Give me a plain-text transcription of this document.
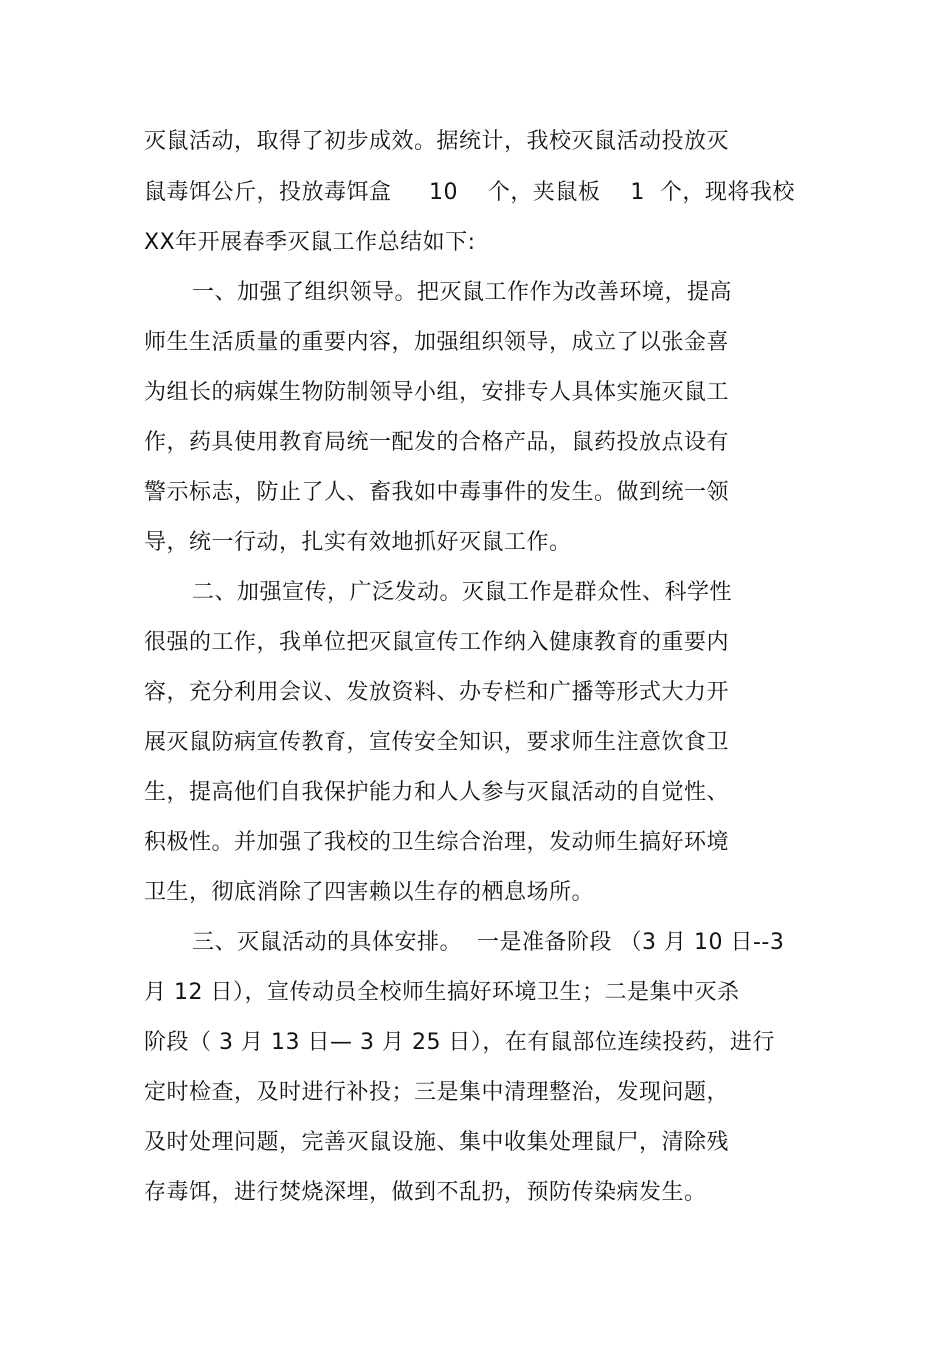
灭鼠活动，取得了初步成效。据统计，我校灭鼠活动投放灭
鼠毒饵公斤，投放毒饵盒     10    个，夹鼠板    1  个，现将我校
XX年开展春季灭鼠工作总结如下:
一、加强了组织领导。把灭鼠工作作为改善环境，提高
师生生活质量的重要内容，加强组织领导，成立了以张金喜
为组长的病媒生物防制领导小组，安排专人具体实施灭鼠工
作，药具使用教育局统一配发的合格产品，鼠药投放点设有
警示标志，防止了人、畜我如中毒事件的发生。做到统一领
导，统一行动，扎实有效地抓好灭鼠工作。
二、加强宣传，广泛发动。灭鼠工作是群众性、科学性
很强的工作，我单位把灭鼠宣传工作纳入健康教育的重要内
容，充分利用会议、发放资料、办专栏和广播等形式大力开
展灭鼠防病宣传教育，宣传安全知识，要求师生注意饮食卫
生，提高他们自我保护能力和人人参与灭鼠活动的自觉性、
积极性。并加强了我校的卫生综合治理，发动师生搞好环境
卫生，彻底消除了四害赖以生存的栖息场所。
三、灭鼠活动的具体安排。  一是准备阶段 （3 月 10 日--3
月 12 日），宣传动员全校师生搞好环境卫生；二是集中灭杀
阶段（ 3 月 13 日— 3 月 25 日），在有鼠部位连续投药，进行
定时检查，及时进行补投；三是集中清理整治，发现问题，
及时处理问题，完善灭鼠设施、集中收集处理鼠尸，清除残
存毒饵，进行焚烧深埋，做到不乱扔，预防传染病发生。
